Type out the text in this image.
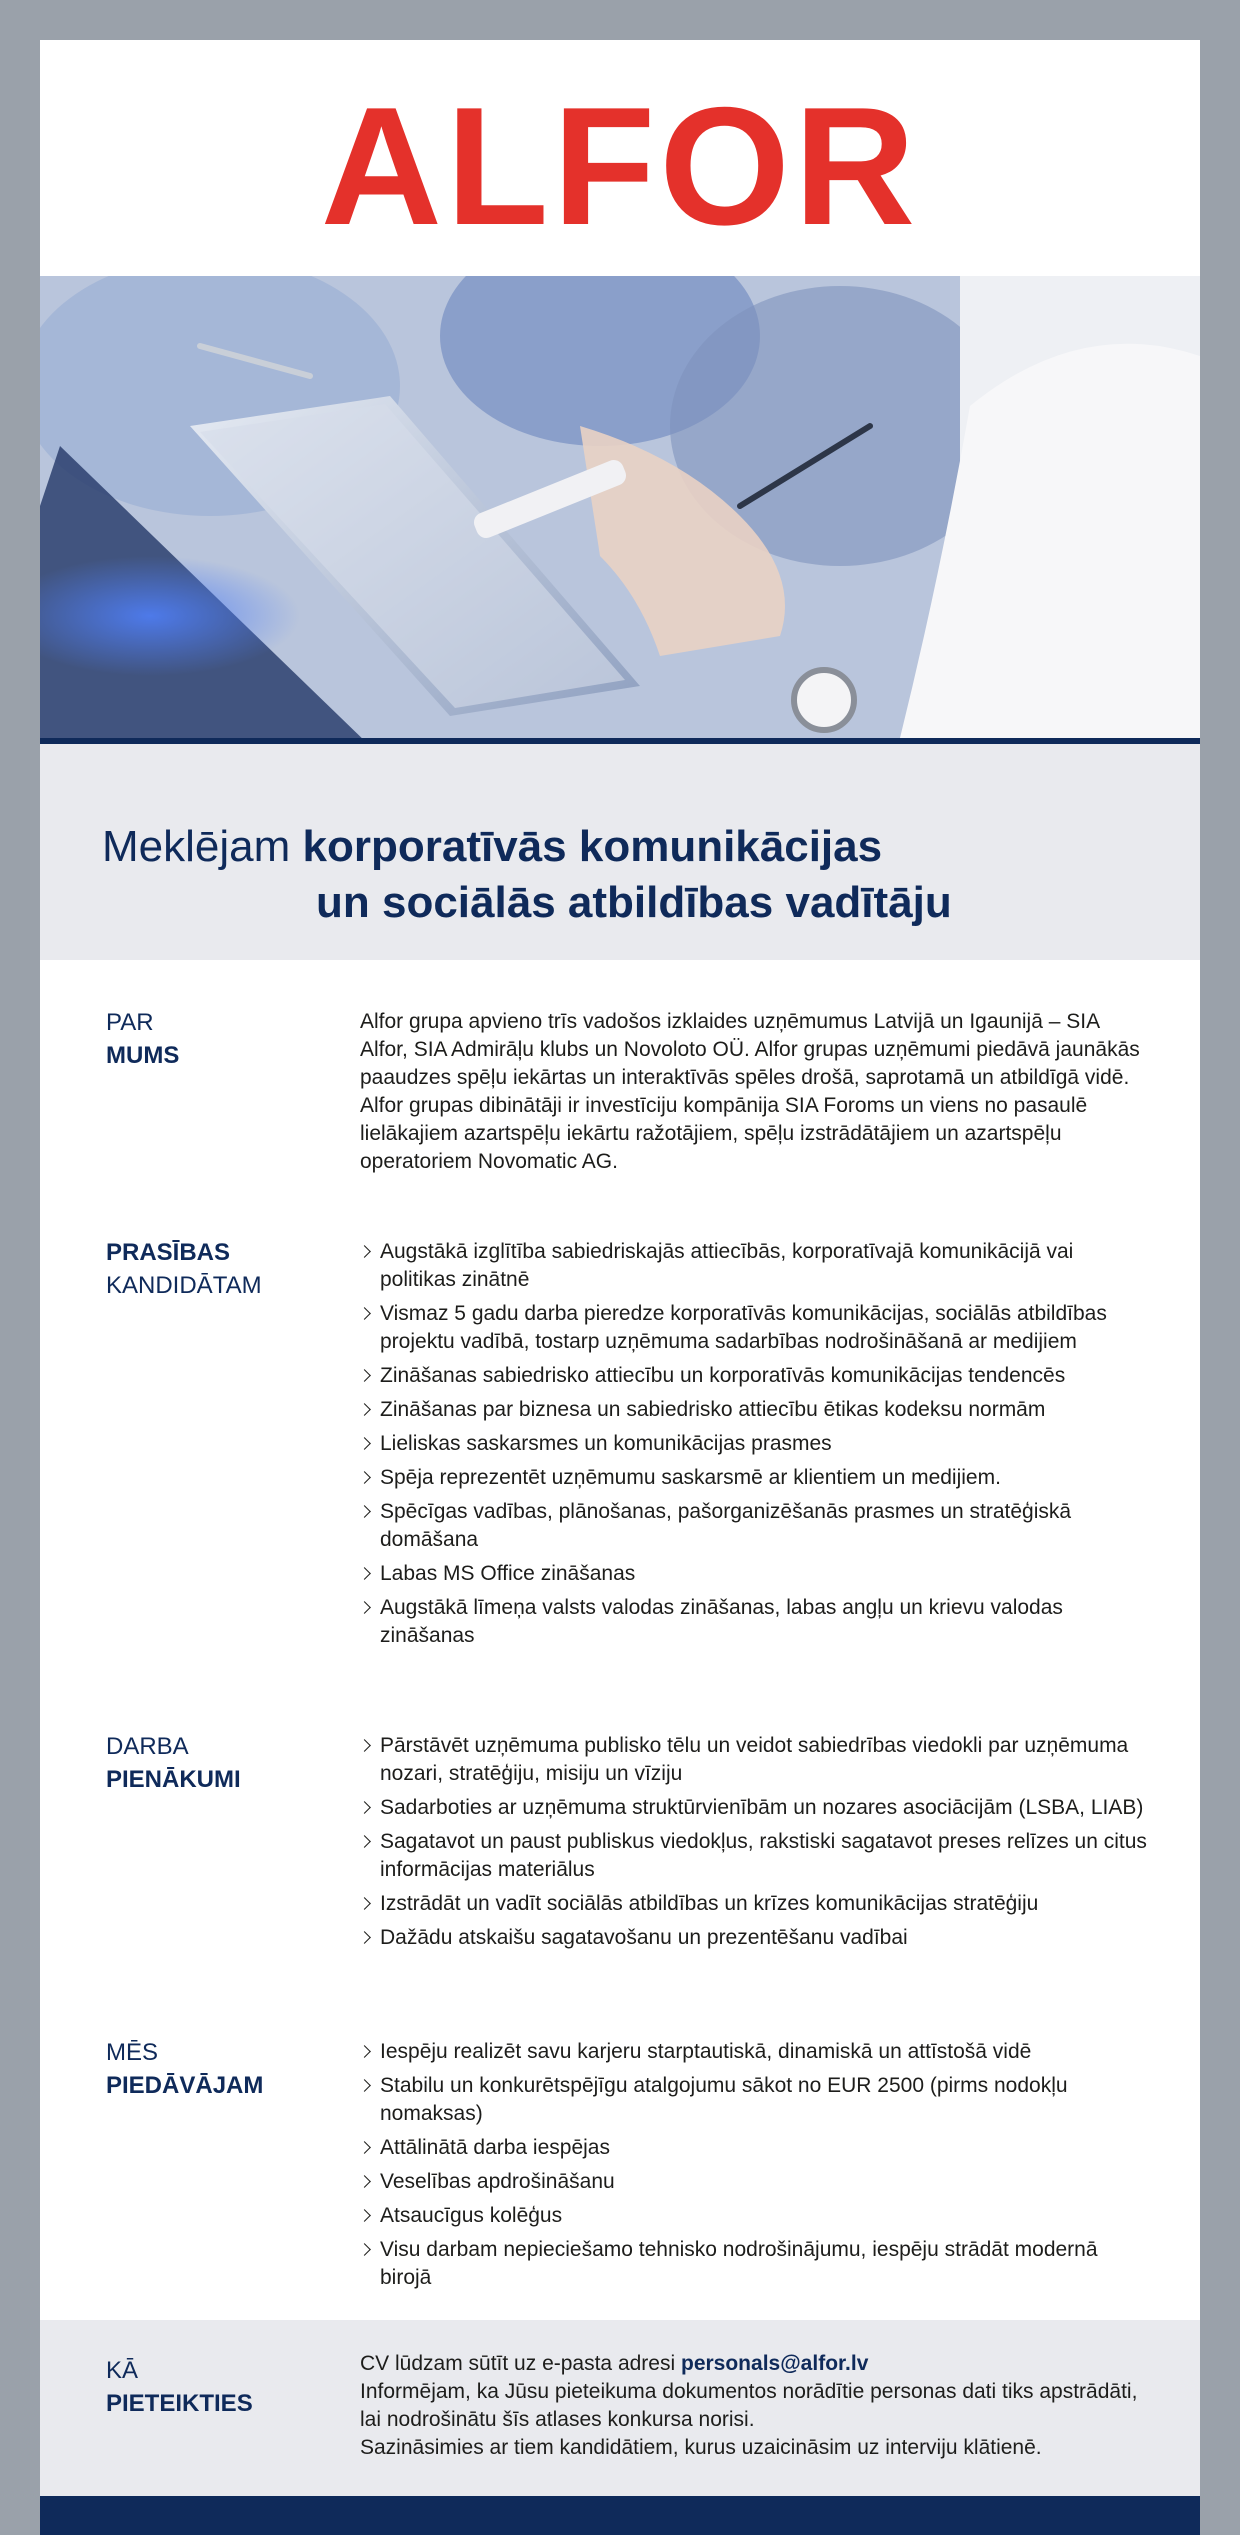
ALFOR
Meklējam korporatīvās komunikācijas
un sociālās atbildības vadītāju
PAR
MUMS

Alfor grupa apvieno trīs vadošos izklaides uzņēmumus Latvijā un Igaunijā – SIA Alfor, SIA Admirāļu klubs un Novoloto OÜ. Alfor grupas uzņēmumi piedāvā jaunākās paaudzes spēļu iekārtas un interaktīvās spēles drošā, saprotamā un atbildīgā vidē. Alfor grupas dibinātāji ir investīciju kompānija SIA Foroms un viens no pasaulē lielākajiem azartspēļu iekārtu ražotājiem, spēļu izstrādātājiem un azartspēļu operatoriem Novomatic AG.

PRASĪBAS
KANDIDĀTAM
Augstākā izglītība sabiedriskajās attiecībās, korporatīvajā komunikācijā vai politikas zinātnē
Vismaz 5 gadu darba pieredze korporatīvās komunikācijas, sociālās atbildības projektu vadībā, tostarp uzņēmuma sadarbības nodrošināšanā ar medijiem
Zināšanas sabiedrisko attiecību un korporatīvās komunikācijas tendencēs
Zināšanas par biznesa un sabiedrisko attiecību ētikas kodeksu normām
Lieliskas saskarsmes un komunikācijas prasmes
Spēja reprezentēt uzņēmumu saskarsmē ar klientiem un medijiem.
Spēcīgas vadības, plānošanas, pašorganizēšanās prasmes un stratēģiskā domāšana
Labas MS Office zināšanas
Augstākā līmeņa valsts valodas zināšanas, labas angļu un krievu valodas zināšanas
DARBA
PIENĀKUMI
Pārstāvēt uzņēmuma publisko tēlu un veidot sabiedrības viedokli par uzņēmuma nozari, stratēģiju, misiju un vīziju
Sadarboties ar uzņēmuma struktūrvienībām un nozares asociācijām (LSBA, LIAB)
Sagatavot un paust publiskus viedokļus, rakstiski sagatavot preses relīzes un citus informācijas materiālus
Izstrādāt un vadīt sociālās atbildības un krīzes komunikācijas stratēģiju
Dažādu atskaišu sagatavošanu un prezentēšanu vadībai
MĒS
PIEDĀVĀJAM
Iespēju realizēt savu karjeru starptautiskā, dinamiskā un attīstošā vidē
Stabilu un konkurētspējīgu atalgojumu sākot no EUR 2500 (pirms nodokļu nomaksas)
Attālinātā darba iespējas
Veselības apdrošināšanu
Atsaucīgus kolēģus
Visu darbam nepieciešamo tehnisko nodrošinājumu, iespēju strādāt modernā birojā
KĀ
PIETEIKTIES

CV lūdzam sūtīt uz e-pasta adresi personals@alfor.lv

Informējam, ka Jūsu pieteikuma dokumentos norādītie personas dati tiks apstrādāti, lai nodrošinātu šīs atlases konkursa norisi.

Sazināsimies ar tiem kandidātiem, kurus uzaicināsim uz interviju klātienē.
